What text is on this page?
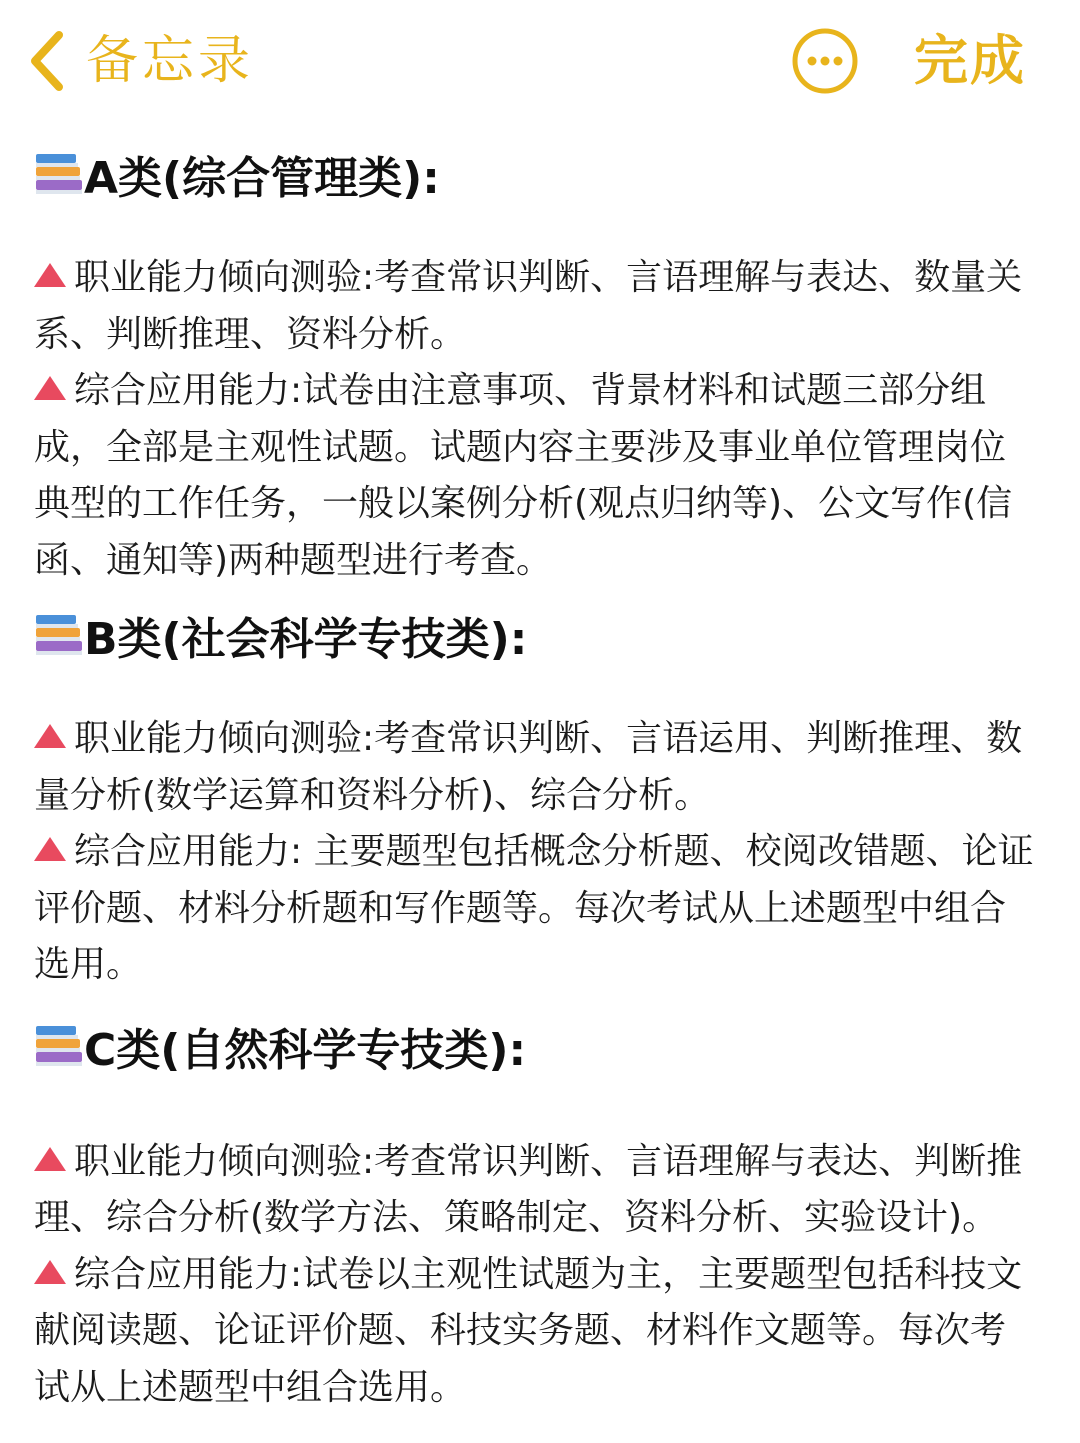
备忘录	完成
A类(综合管理类):

职业能力倾向测验:考查常识判断、言语理解与表达、数量关系、判断推理、资料分析。

综合应用能力:试卷由注意事项、背景材料和试题三部分组成，全部是主观性试题。试题内容主要涉及事业单位管理岗位典型的工作任务，一般以案例分析(观点归纳等)、公文写作(信函、通知等)两种题型进行考查。

B类(社会科学专技类):

职业能力倾向测验:考查常识判断、言语运用、判断推理、数量分析(数学运算和资料分析)、综合分析。

综合应用能力: 主要题型包括概念分析题、校阅改错题、论证评价题、材料分析题和写作题等。每次考试从上述题型中组合选用。

C类(自然科学专技类):

职业能力倾向测验:考查常识判断、言语理解与表达、判断推理、综合分析(数学方法、策略制定、资料分析、实验设计)。

综合应用能力:试卷以主观性试题为主，主要题型包括科技文献阅读题、论证评价题、科技实务题、材料作文题等。每次考试从上述题型中组合选用。
